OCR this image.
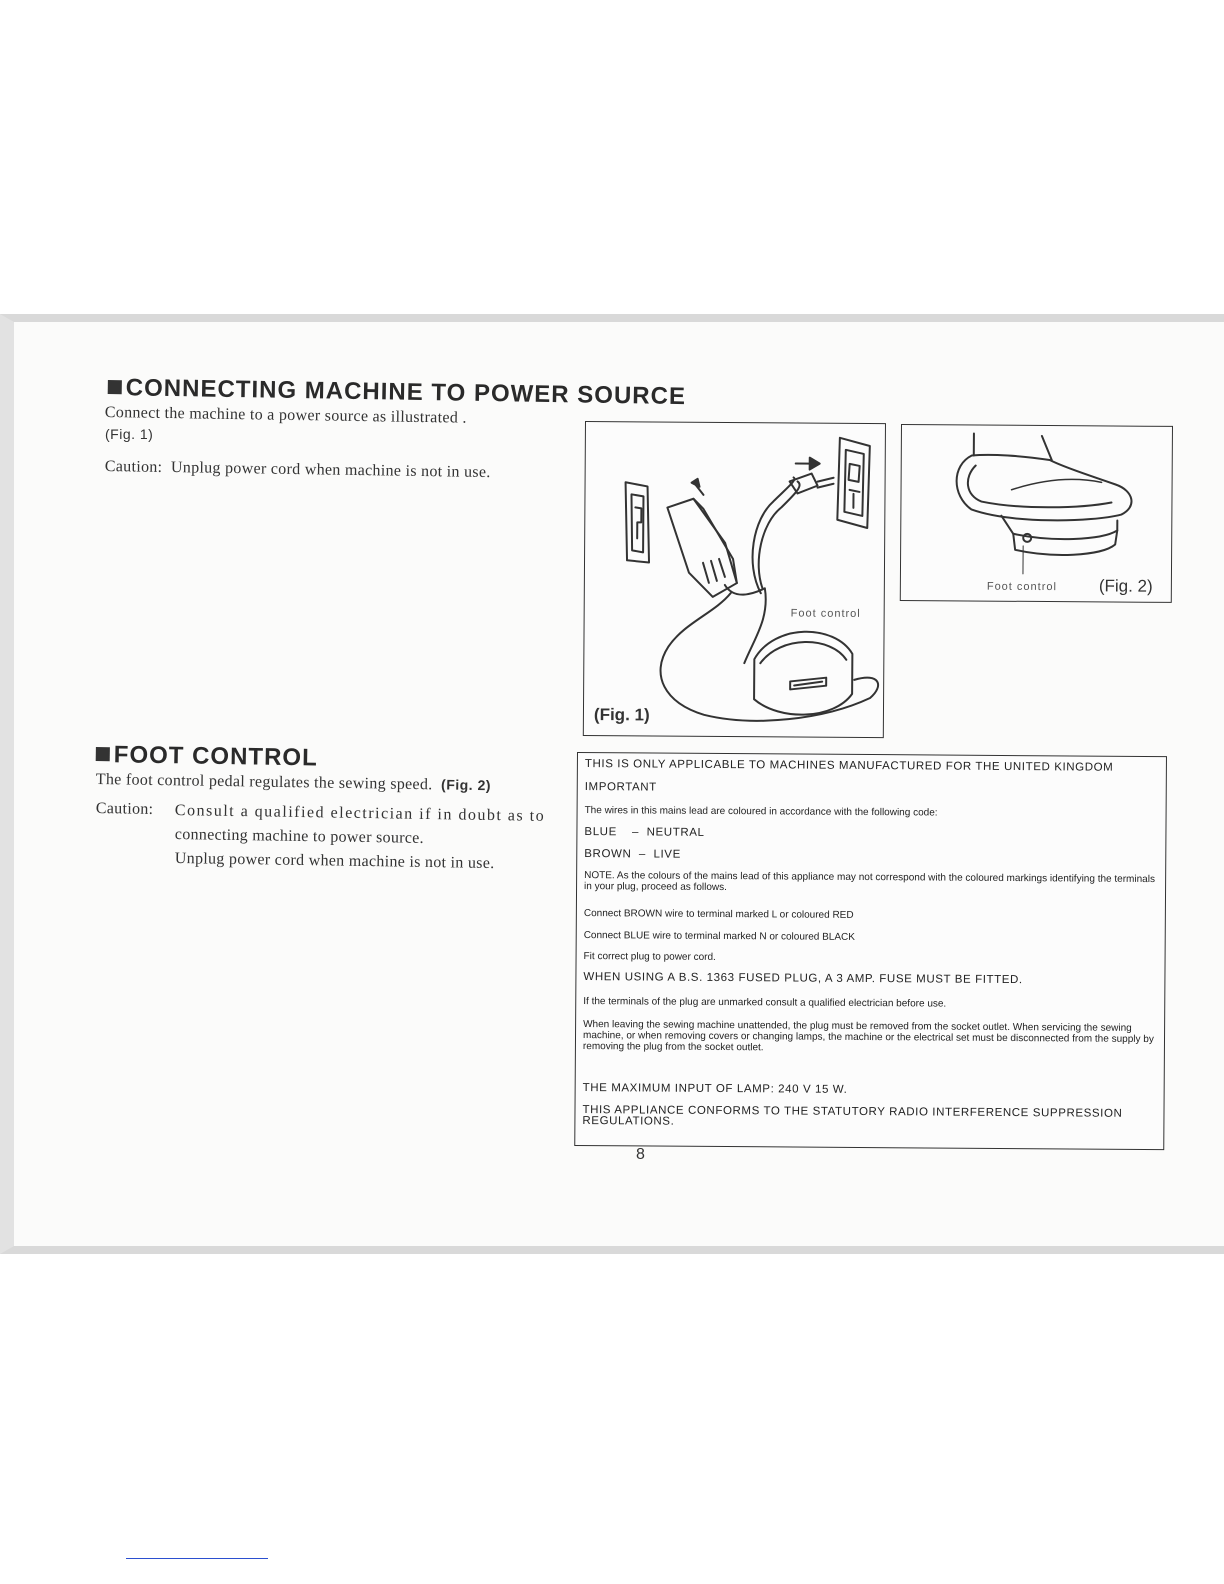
CONNECTING MACHINE TO POWER SOURCE
Connect the machine to a power source as illustrated .
(Fig. 1)
Caution: Unplug power cord when machine is not in use.
FOOT CONTROL
The foot control pedal regulates the sewing speed. (Fig. 2)
Caution: Consult a qualified electrician if in doubt as to
connecting machine to power source.
Unplug power cord when machine is not in use.
Foot control
(Fig. 1)
Foot control (Fig. 2)
THIS IS ONLY APPLICABLE TO MACHINES MANUFACTURED FOR THE UNITED KINGDOM
IMPORTANT
The wires in this mains lead are coloured in accordance with the following code:
BLUE    –  NEUTRAL
BROWN  –  LIVE
NOTE. As the colours of the mains lead of this appliance may not correspond with the coloured markings identifying the terminals in your plug, proceed as follows.
Connect BROWN wire to terminal marked L or coloured RED
Connect BLUE wire to terminal marked N or coloured BLACK
Fit correct plug to power cord.
WHEN USING A B.S. 1363 FUSED PLUG, A 3 AMP. FUSE MUST BE FITTED.
If the terminals of the plug are unmarked consult a qualified electrician before use.
When leaving the sewing machine unattended, the plug must be removed from the socket outlet. When servicing the sewing machine, or when removing covers or changing lamps, the machine or the electrical set must be disconnected from the supply by removing the plug from the socket outlet.
THE MAXIMUM INPUT OF LAMP: 240 V 15 W.
THIS APPLIANCE CONFORMS TO THE STATUTORY RADIO INTERFERENCE SUPPRESSION REGULATIONS.
8
